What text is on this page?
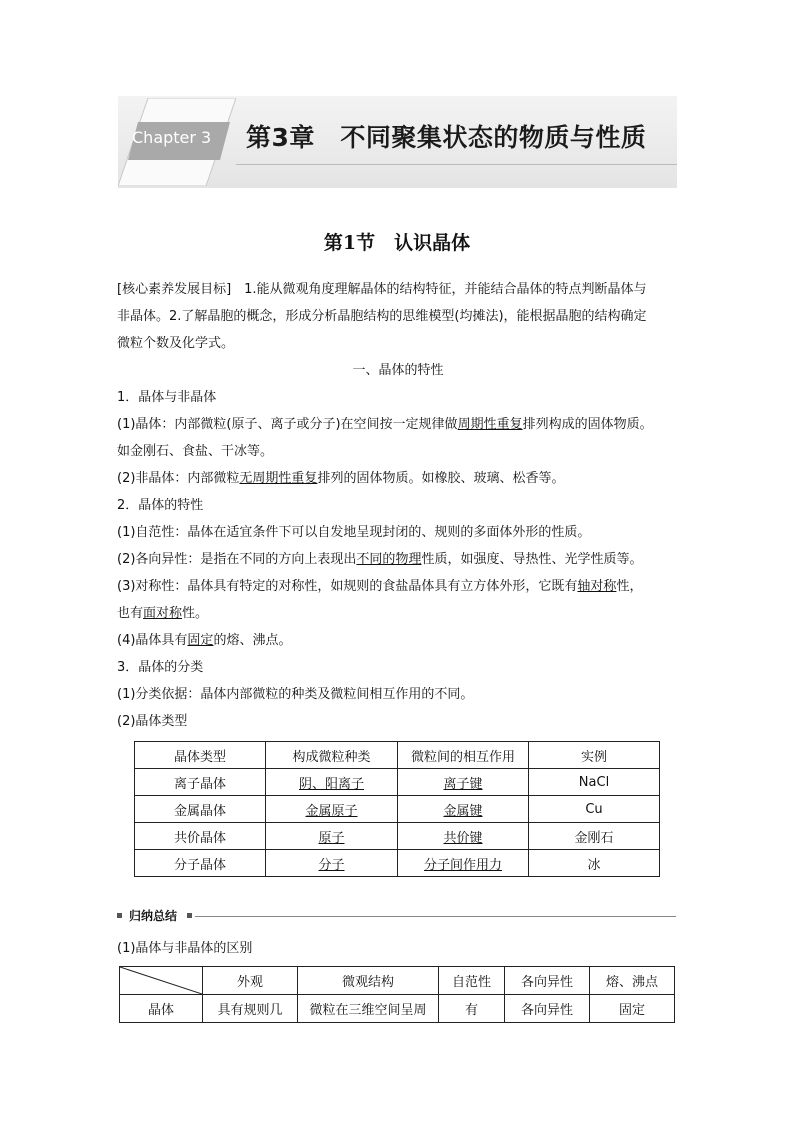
Chapter 3	第3章　不同聚集状态的物质与性质
第1节　认识晶体
[核心素养发展目标]　1.能从微观角度理解晶体的结构特征，并能结合晶体的特点判断晶体与
非晶体。2.了解晶胞的概念，形成分析晶胞结构的思维模型(均摊法)，能根据晶胞的结构确定
微粒个数及化学式。
一、晶体的特性
1．晶体与非晶体
(1)晶体：内部微粒(原子、离子或分子)在空间按一定规律做周期性重复排列构成的固体物质。
如金刚石、食盐、干冰等。
(2)非晶体：内部微粒无周期性重复排列的固体物质。如橡胶、玻璃、松香等。
2．晶体的特性
(1)自范性：晶体在适宜条件下可以自发地呈现封闭的、规则的多面体外形的性质。
(2)各向异性：是指在不同的方向上表现出不同的物理性质，如强度、导热性、光学性质等。
(3)对称性：晶体具有特定的对称性，如规则的食盐晶体具有立方体外形，它既有轴对称性，
也有面对称性。
(4)晶体具有固定的熔、沸点。
3．晶体的分类
(1)分类依据：晶体内部微粒的种类及微粒间相互作用的不同。
(2)晶体类型
晶体类型	构成微粒种类	微粒间的相互作用	实例
离子晶体	阴、阳离子	离子键	NaCl
金属晶体	金属原子	金属键	Cu
共价晶体	原子	共价键	金刚石
分子晶体	分子	分子间作用力	冰
归纳总结
(1)晶体与非晶体的区别
	外观	微观结构	自范性	各向异性	熔、沸点
晶体	具有规则几	微粒在三维空间呈周	有	各向异性	固定
